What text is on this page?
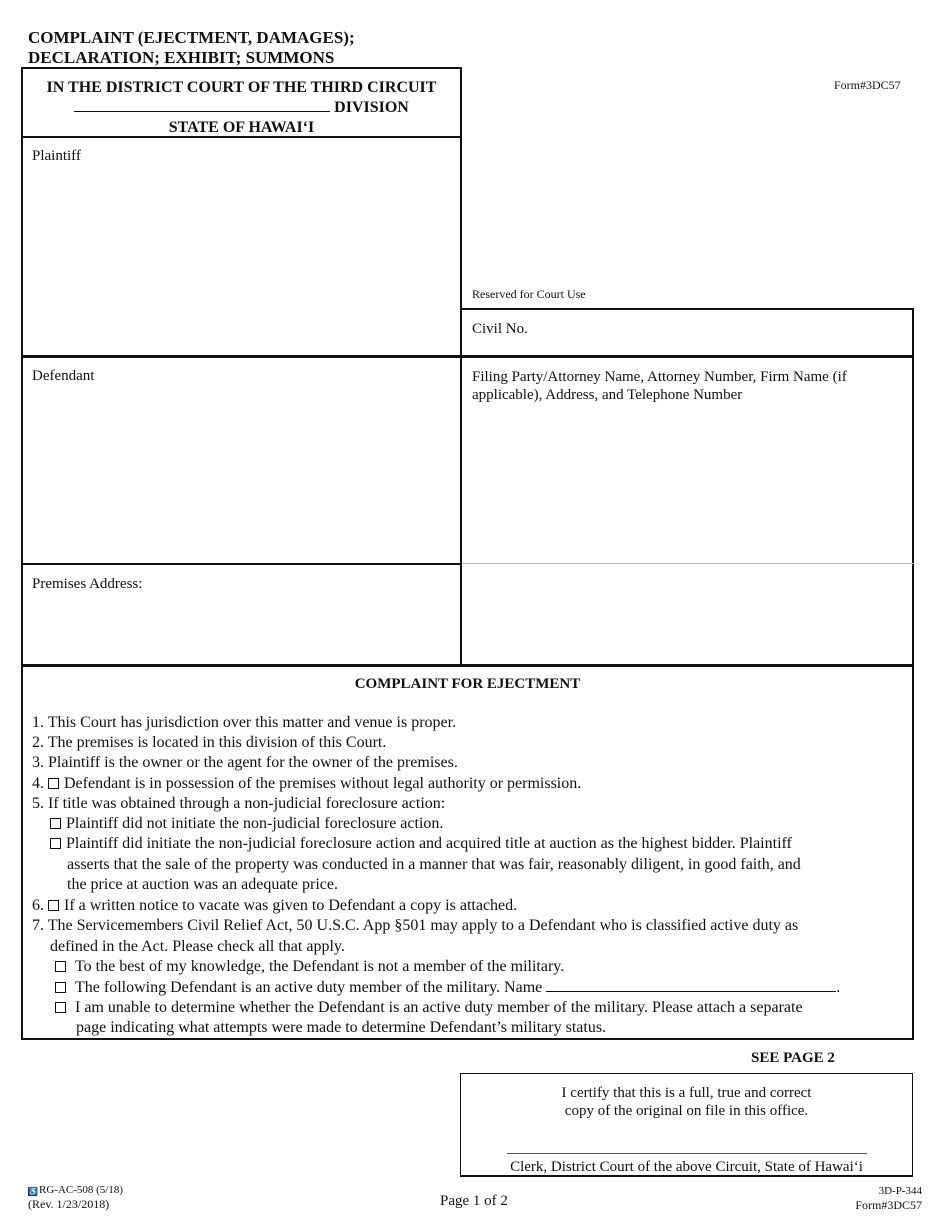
COMPLAINT (EJECTMENT, DAMAGES);
DECLARATION; EXHIBIT; SUMMONS
Form#3DC57
IN THE DISTRICT COURT OF THE THIRD CIRCUIT
DIVISION
STATE OF HAWAI‘I
Plaintiff
Reserved for Court Use
Civil No.
Defendant	Filing Party/Attorney Name, Attorney Number, Firm Name (if
applicable), Address, and Telephone Number
Premises Address:
COMPLAINT FOR EJECTMENT
1. This Court has jurisdiction over this matter and venue is proper.
2. The premises is located in this division of this Court.
3. Plaintiff is the owner or the agent for the owner of the premises.
4. Defendant is in possession of the premises without legal authority or permission.
5. If title was obtained through a non-judicial foreclosure action:
Plaintiff did not initiate the non-judicial foreclosure action.
Plaintiff did initiate the non-judicial foreclosure action and acquired title at auction as the highest bidder. Plaintiff
asserts that the sale of the property was conducted in a manner that was fair, reasonably diligent, in good faith, and
the price at auction was an adequate price.
6. If a written notice to vacate was given to Defendant a copy is attached.
7. The Servicemembers Civil Relief Act, 50 U.S.C. App §501 may apply to a Defendant who is classified active duty as
defined in the Act. Please check all that apply.
To the best of my knowledge, the Defendant is not a member of the military.
The following Defendant is an active duty member of the military. Name	.
I am unable to determine whether the Defendant is an active duty member of the military. Please attach a separate
page indicating what attempts were made to determine Defendant’s military status.
SEE PAGE 2
I certify that this is a full, true and correct
copy of the original on file in this office.
Clerk, District Court of the above Circuit, State of Hawai‘i
♿RG-AC-508 (5/18)
(Rev. 1/23/2018)	Page 1 of 2
3D-P-344
Form#3DC57
